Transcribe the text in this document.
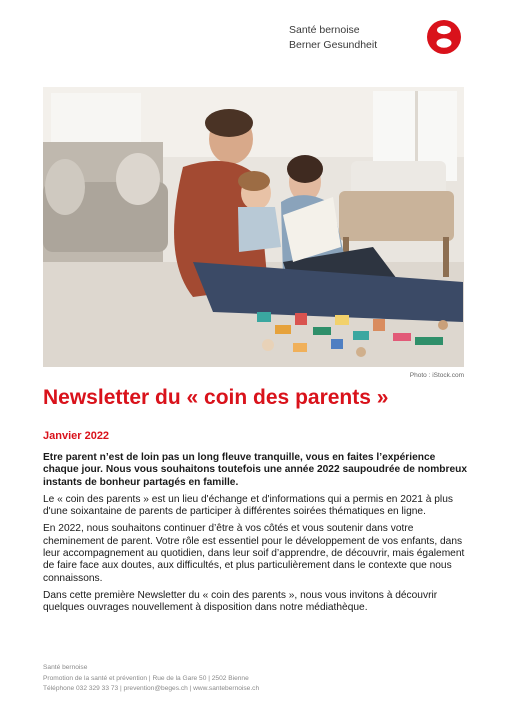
Santé bernoise
Berner Gesundheit
Photo : iStock.com
Newsletter du « coin des parents »
Janvier 2022

Etre parent n’est de loin pas un long fleuve tranquille, vous en faites l’expérience chaque jour. Nous vous souhaitons toutefois une année 2022 saupoudrée de nombreux instants de bonheur partagés en famille.

Le « coin des parents » est un lieu d'échange et d'informations qui a permis en 2021 à plus d'une soixantaine de parents de participer à différentes soirées thématiques en ligne.

En 2022, nous souhaitons continuer d’être à vos côtés et vous soutenir dans votre cheminement de parent. Votre rôle est essentiel pour le développement de vos enfants, dans leur accompagnement au quotidien, dans leur soif d’apprendre, de découvrir, mais également de faire face aux doutes, aux difficultés, et plus particulièrement dans le contexte que nous connaissons.

Dans cette première Newsletter du « coin des parents », nous vous invitons à découvrir quelques ouvrages nouvellement à disposition dans notre médiathèque.

Santé bernoise
Promotion de la santé et prévention | Rue de la Gare 50 | 2502 Bienne
Téléphone 032 329 33 73 | prevention@beges.ch | www.santebernoise.ch
